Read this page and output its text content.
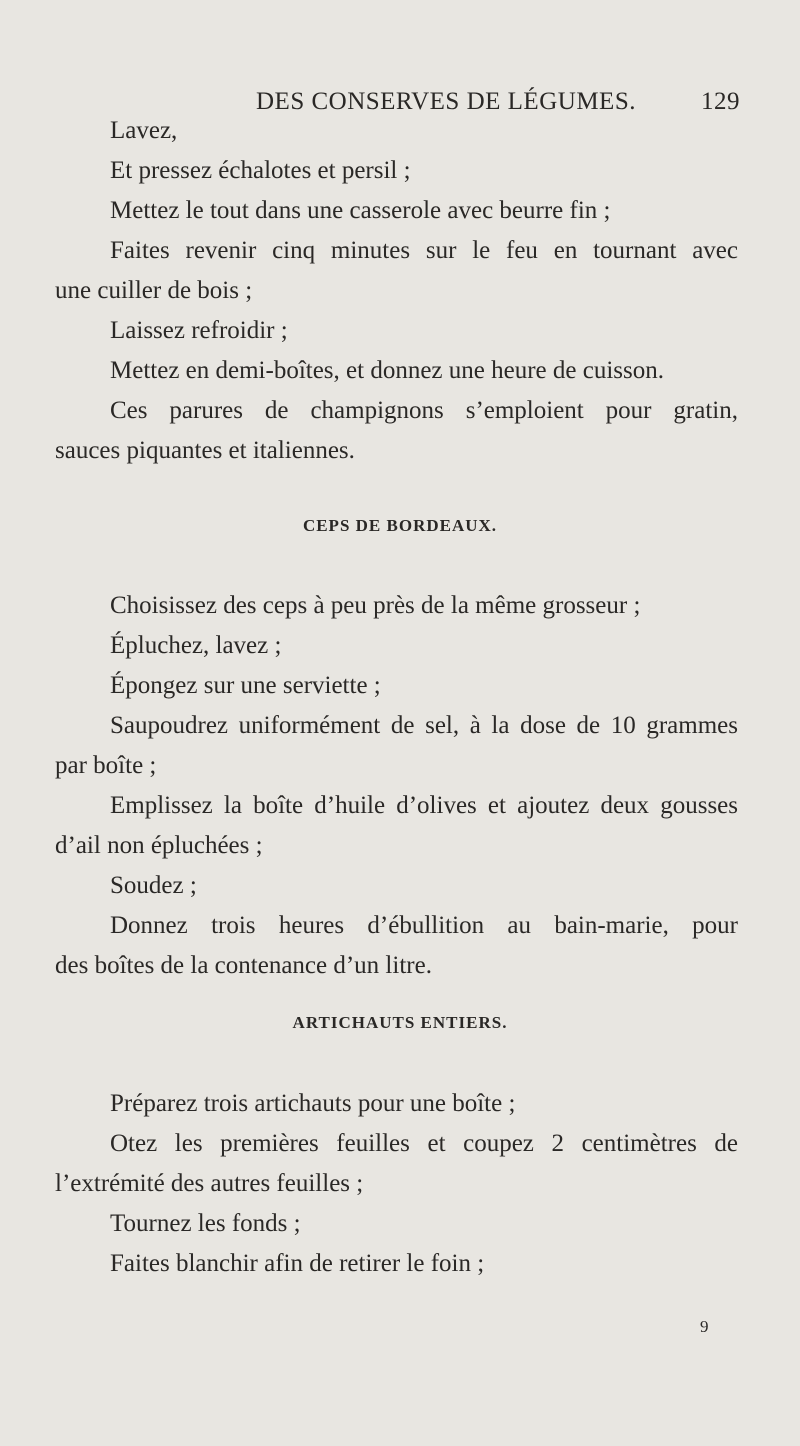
DES CONSERVES DE LÉGUMES.	129
Lavez,
Et pressez échalotes et persil ;
Mettez le tout dans une casserole avec beurre fin ;
Faites revenir cinq minutes sur le feu en tournant avec
une cuiller de bois ;
Laissez refroidir ;
Mettez en demi-boîtes, et donnez une heure de cuisson.
Ces parures de champignons s’emploient pour gratin,
sauces piquantes et italiennes.
CEPS DE BORDEAUX.
Choisissez des ceps à peu près de la même grosseur ;
Épluchez, lavez ;
Épongez sur une serviette ;
Saupoudrez uniformément de sel, à la dose de 10 grammes
par boîte ;
Emplissez la boîte d’huile d’olives et ajoutez deux gousses
d’ail non épluchées ;
Soudez ;
Donnez trois heures d’ébullition au bain-marie, pour
des boîtes de la contenance d’un litre.
ARTICHAUTS ENTIERS.
Préparez trois artichauts pour une boîte ;
Otez les premières feuilles et coupez 2 centimètres de
l’extrémité des autres feuilles ;
Tournez les fonds ;
Faites blanchir afin de retirer le foin ;
9
